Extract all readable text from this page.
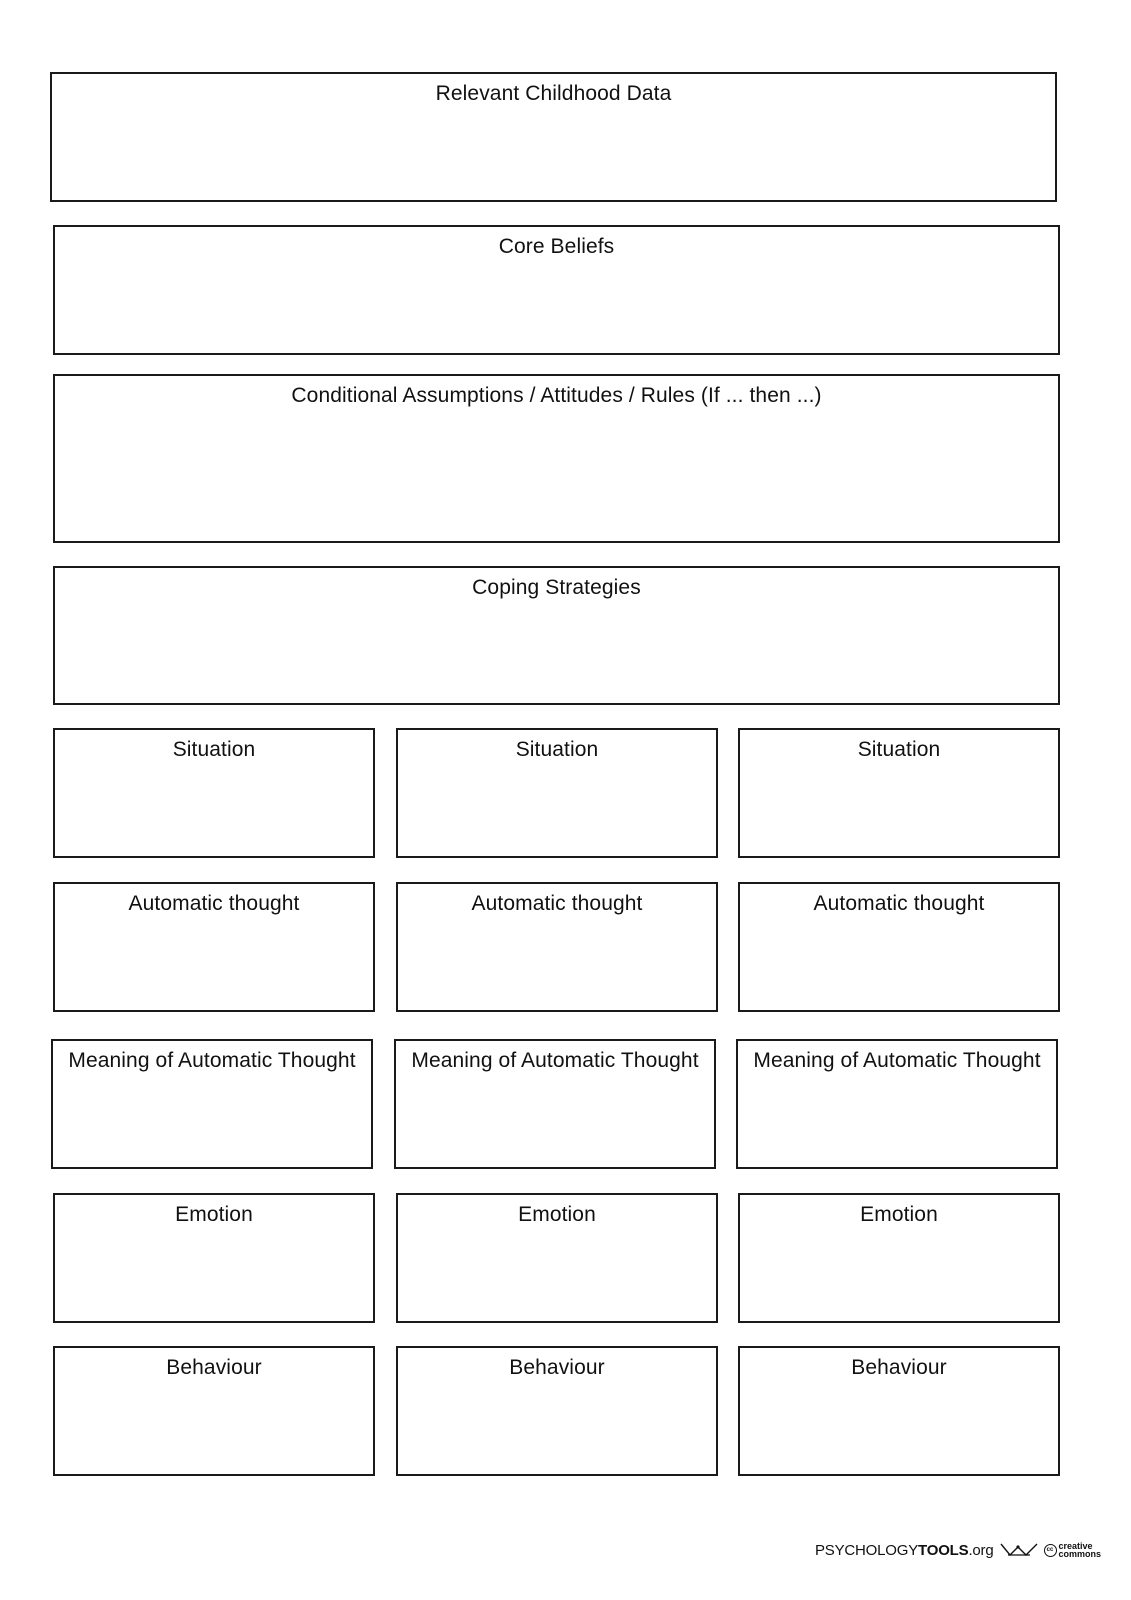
Relevant Childhood Data
Core Beliefs
Conditional Assumptions / Attitudes / Rules (If ... then ...)
Coping Strategies
Situation
Automatic thought
Meaning of Automatic Thought
Emotion
Behaviour
Situation
Automatic thought
Meaning of Automatic Thought
Emotion
Behaviour
Situation
Automatic thought
Meaning of Automatic Thought
Emotion
Behaviour
PSYCHOLOGYTOOLS.org	cc creative
commons
